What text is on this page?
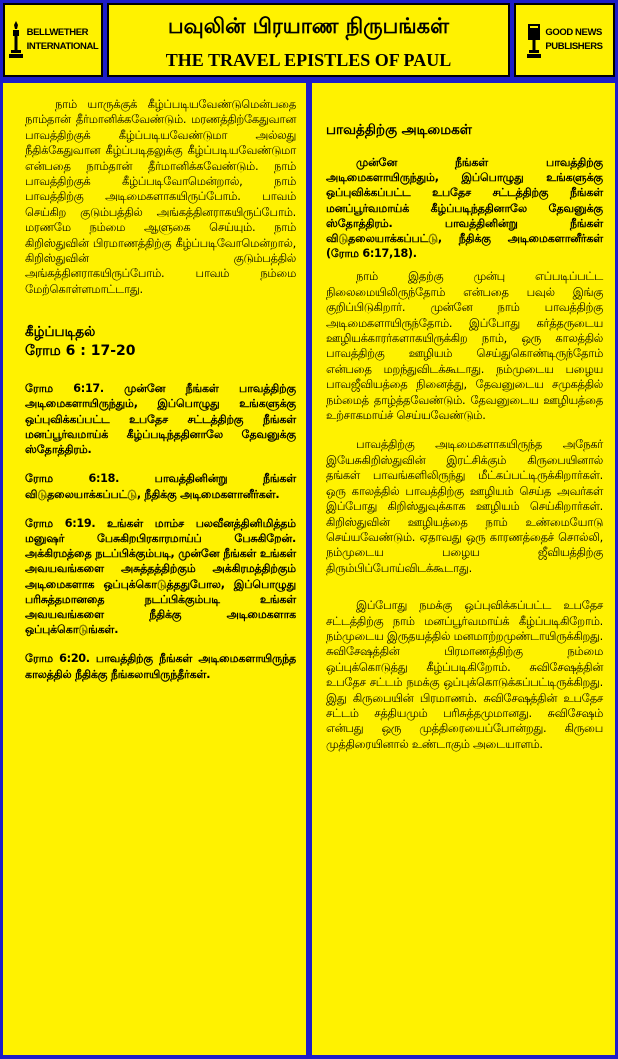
BELLWETHER
INTERNATIONAL
பவுலின் பிரயாண நிருபங்கள்
THE TRAVEL EPISTLES OF PAUL
GOOD NEWS
PUBLISHERS

நாம் யாருக்குக் கீழ்ப்படியவேண்டுமென்பதை நாம்தான் தீர்மானிக்கவேண்டும். மரணத்திற்கேதுவான பாவத்திற்குக் கீழ்ப்படியவேண்டுமா அல்லது நீதிக்கேதுவான கீழ்ப்படிதலுக்கு கீழ்ப்படியவேண்டுமா என்பதை நாம்தான் தீர்மானிக்கவேண்டும். நாம் பாவத்திற்குக் கீழ்ப்படிவோமென்றால், நாம் பாவத்திற்கு அடிமைகளாகயிருப்போம். பாவம் செய்கிற குடும்பத்தில் அங்கத்தினராகயிருப்போம். மரணமே நம்மை ஆளுகை செய்யும். நாம் கிறிஸ்துவின் பிரமாணத்திற்கு கீழ்ப்படிவோமென்றால், கிறிஸ்துவின் குடும்பத்தில் அங்கத்தினராகயிருப்போம். பாவம் நம்மை மேற்கொள்ளமாட்டாது.

கீழ்ப்படிதல்
ரோம 6 : 17-20

ரோம 6:17. முன்னே நீங்கள் பாவத்திற்கு அடிமைகளாயிருந்தும், இப்பொழுது உங்களுக்கு ஒப்புவிக்கப்பட்ட உபதேச சட்டத்திற்கு நீங்கள் மனப்பூர்வமாய்க் கீழ்ப்படிந்ததினாலே தேவனுக்கு ஸ்தோத்திரம்.

ரோம 6:18. பாவத்தினின்று நீங்கள் விடுதலையாக்கப்பட்டு, நீதிக்கு அடிமைகளானீர்கள்.

ரோம 6:19. உங்கள் மாம்ச பலவீனத்தினிமித்தம் மனுஷர் பேசுகிறபிரகாரமாய்ப் பேசுகிறேன். அக்கிரமத்தை நடப்பிக்கும்படி, முன்னே நீங்கள் உங்கள் அவயவங்களை அசுத்தத்திற்கும் அக்கிரமத்திற்கும் அடிமைகளாக ஒப்புக்கொடுத்ததுபோல, இப்பொழுது பரிசுத்தமானதை நடப்பிக்கும்படி உங்கள் அவயவங்களை நீதிக்கு அடிமைகளாக ஒப்புக்கொடுங்கள்.

ரோம 6:20. பாவத்திற்கு நீங்கள் அடிமைகளாயிருந்த காலத்தில் நீதிக்கு நீங்கலாயிருந்தீர்கள்.

பாவத்திற்கு அடிமைகள்

முன்னே நீங்கள் பாவத்திற்கு அடிமைகளாயிருந்தும், இப்பொழுது உங்களுக்கு ஒப்புவிக்கப்பட்ட உபதேச சட்டத்திற்கு நீங்கள் மனப்பூர்வமாய்க் கீழ்ப்படிந்ததினாலே தேவனுக்கு ஸ்தோத்திரம். பாவத்தினின்று நீங்கள் விடுதலையாக்கப்பட்டு, நீதிக்கு அடிமைகளானீர்கள் (ரோம 6:17,18).

நாம் இதற்கு முன்பு எப்படிப்பட்ட நிலைமையிலிருந்தோம் என்பதை பவுல் இங்கு குறிப்பிடுகிறார். முன்னே நாம் பாவத்திற்கு அடிமைகளாயிருந்தோம். இப்போது கர்த்தருடைய ஊழியக்காரர்களாகயிருக்கிற நாம், ஒரு காலத்தில் பாவத்திற்கு ஊழியம் செய்துகொண்டிருந்தோம் என்பதை மறந்துவிடக்கூடாது. நம்முடைய பழைய பாவஜீவியத்தை நினைத்து, தேவனுடைய சமுகத்தில் நம்மைத் தாழ்த்தவேண்டும். தேவனுடைய ஊழியத்தை உற்சாகமாய்ச் செய்யவேண்டும்.

பாவத்திற்கு அடிமைகளாகயிருந்த அநேகர் இயேசுகிறிஸ்துவின் இரட்சிக்கும் கிருபையினால் தங்கள் பாவங்களிலிருந்து மீட்கப்பட்டிருக்கிறார்கள். ஒரு காலத்தில் பாவத்திற்கு ஊழியம் செய்த அவர்கள் இப்போது கிறிஸ்துவுக்காக ஊழியம் செய்கிறார்கள். கிறிஸ்துவின் ஊழியத்தை நாம் உண்மையோடு செய்யவேண்டும். ஏதாவது ஒரு காரணத்தைச் சொல்லி, நம்முடைய பழைய ஜீவியத்திற்கு திரும்பிப்போய்விடக்கூடாது.

இப்போது நமக்கு ஒப்புவிக்கப்பட்ட உபதேச சட்டத்திற்கு நாம் மனப்பூர்வமாய்க் கீழ்ப்படிகிறோம். நம்முடைய இருதயத்தில் மனமாற்றமுண்டாயிருக்கிறது. சுவிசேஷத்தின் பிரமாணத்திற்கு நம்மை ஒப்புக்கொடுத்து கீழ்ப்படிகிறோம். சுவிசேஷத்தின் உபதேச சட்டம் நமக்கு ஒப்புக்கொடுக்கப்பட்டிருக்கிறது. இது கிருபையின் பிரமாணம். சுவிசேஷத்தின் உபதேச சட்டம் சத்தியமும் பரிசுத்தமுமானது. சுவிசேஷம் என்பது ஒரு முத்திரையைப்போன்றது. கிருபை முத்திரையினால் உண்டாகும் அடையாளம்.
